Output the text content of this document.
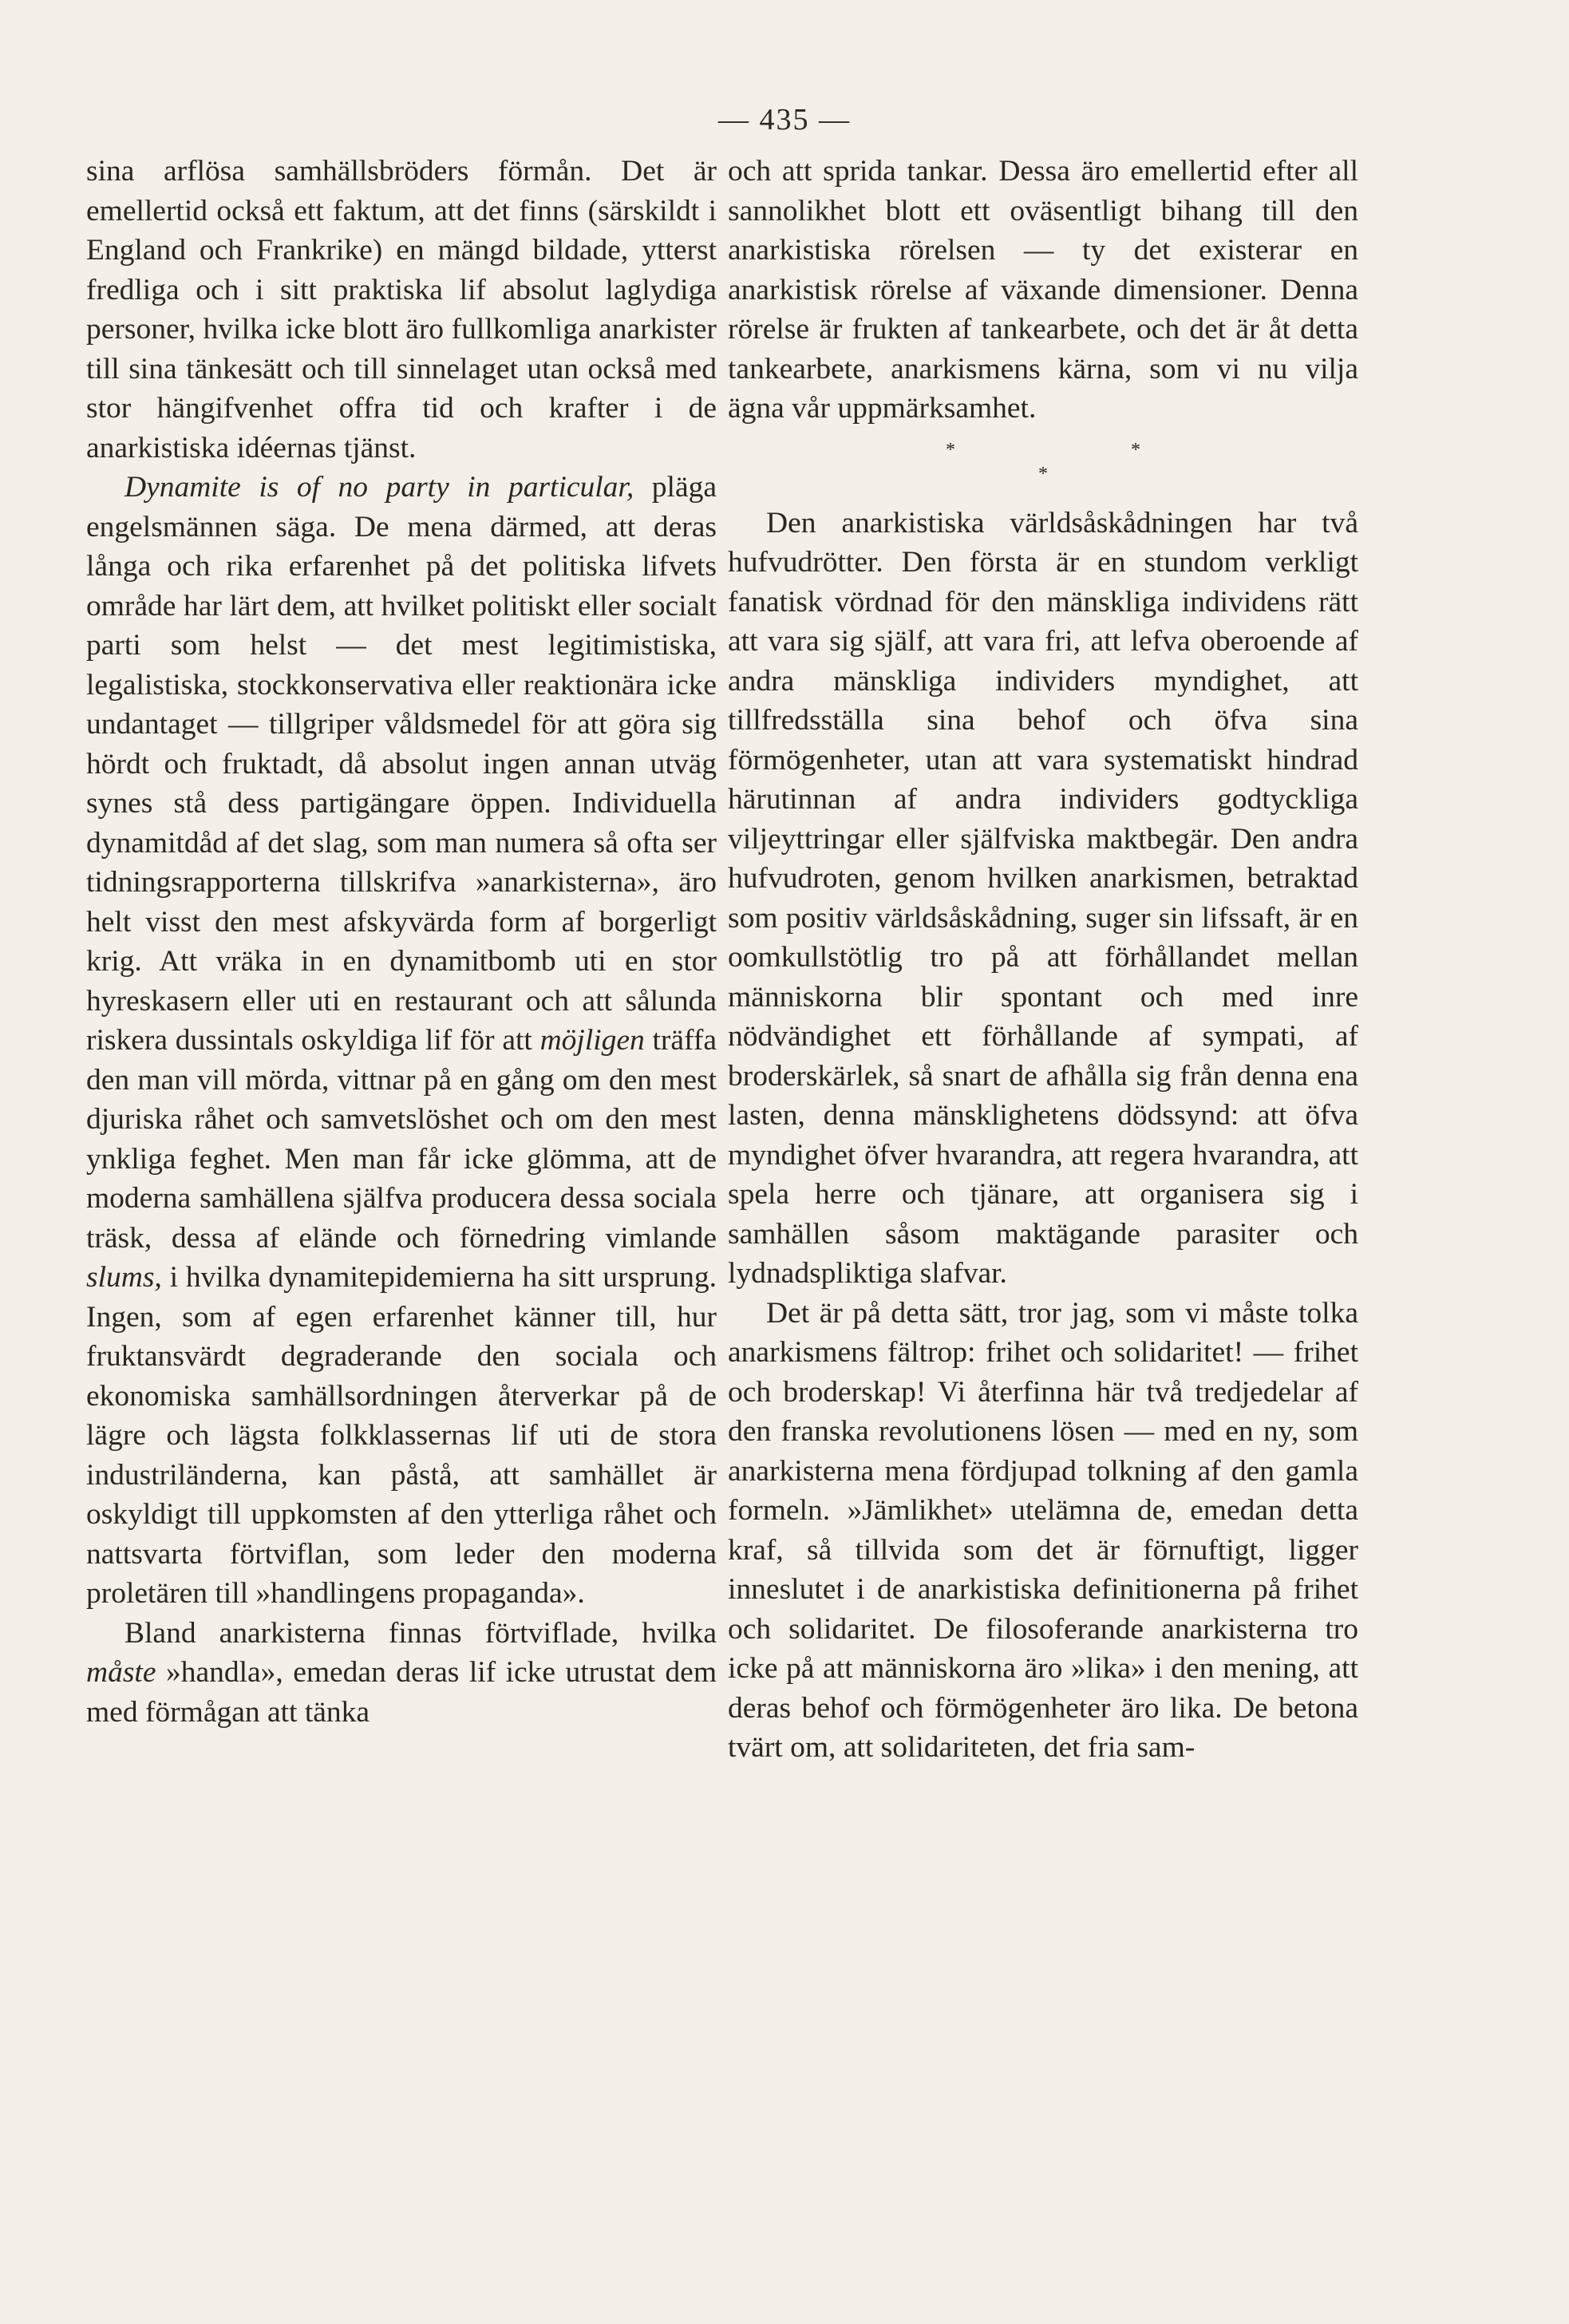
— 435 —

sina arflösa samhällsbröders förmån. Det är emellertid också ett faktum, att det finns (särskildt i England och Frankrike) en mängd bildade, ytterst fredliga och i sitt praktiska lif absolut laglydiga personer, hvilka icke blott äro fullkomliga anarkister till sina tänkesätt och till sinnelaget utan också med stor hängifvenhet offra tid och krafter i de anarkistiska idéernas tjänst.

Dynamite is of no party in particular, pläga engelsmännen säga. De mena därmed, att deras långa och rika erfarenhet på det politiska lifvets område har lärt dem, att hvilket politiskt eller socialt parti som helst — det mest legitimistiska, legalistiska, stockkonservativa eller reaktionära icke undantaget — tillgriper våldsmedel för att göra sig hördt och fruktadt, då absolut ingen annan utväg synes stå dess partigängare öppen. Individuella dynamitdåd af det slag, som man numera så ofta ser tidningsrapporterna tillskrifva »anarkisterna», äro helt visst den mest afskyvärda form af borgerligt krig. Att vräka in en dynamitbomb uti en stor hyreskasern eller uti en restaurant och att sålunda riskera dussintals oskyldiga lif för att möjligen träffa den man vill mörda, vittnar på en gång om den mest djuriska råhet och samvetslöshet och om den mest ynkliga feghet. Men man får icke glömma, att de moderna samhällena själfva producera dessa sociala träsk, dessa af elände och förnedring vimlande slums, i hvilka dynamitepidemierna ha sitt ursprung. Ingen, som af egen erfarenhet känner till, hur fruktansvärdt degraderande den sociala och ekonomiska samhällsordningen återverkar på de lägre och lägsta folkklassernas lif uti de stora industriländerna, kan påstå, att samhället är oskyldigt till uppkomsten af den ytterliga råhet och nattsvarta förtviflan, som leder den moderna proletären till »handlingens propaganda».

Bland anarkisterna finnas förtviflade, hvilka måste »handla», emedan deras lif icke utrustat dem med förmågan att tänka

och att sprida tankar. Dessa äro emellertid efter all sannolikhet blott ett oväsentligt bihang till den anarkistiska rörelsen — ty det existerar en anarkistisk rörelse af växande dimensioner. Denna rörelse är frukten af tankearbete, och det är åt detta tankearbete, anarkismens kärna, som vi nu vilja ägna vår uppmärksamhet.

*	*
*

Den anarkistiska världsåskådningen har två hufvudrötter. Den första är en stundom verkligt fanatisk vördnad för den mänskliga individens rätt att vara sig själf, att vara fri, att lefva oberoende af andra mänskliga individers myndighet, att tillfredsställa sina behof och öfva sina förmögenheter, utan att vara systematiskt hindrad härutinnan af andra individers godtyckliga viljeyttringar eller själfviska maktbegär. Den andra hufvudroten, genom hvilken anarkismen, betraktad som positiv världsåskådning, suger sin lifssaft, är en oomkullstötlig tro på att förhållandet mellan människorna blir spontant och med inre nödvändighet ett förhållande af sympati, af broderskärlek, så snart de afhålla sig från denna ena lasten, denna mänsklighetens dödssynd: att öfva myndighet öfver hvarandra, att regera hvarandra, att spela herre och tjänare, att organisera sig i samhällen såsom maktägande parasiter och lydnadspliktiga slafvar.

Det är på detta sätt, tror jag, som vi måste tolka anarkismens fältrop: frihet och solidaritet! — frihet och broderskap! Vi återfinna här två tredjedelar af den franska revolutionens lösen — med en ny, som anarkisterna mena fördjupad tolkning af den gamla formeln. »Jämlikhet» utelämna de, emedan detta kraf, så tillvida som det är förnuftigt, ligger inneslutet i de anarkistiska definitionerna på frihet och solidaritet. De filosoferande anarkisterna tro icke på att människorna äro »lika» i den mening, att deras behof och förmögenheter äro lika. De betona tvärt om, att solidariteten, det fria sam-
